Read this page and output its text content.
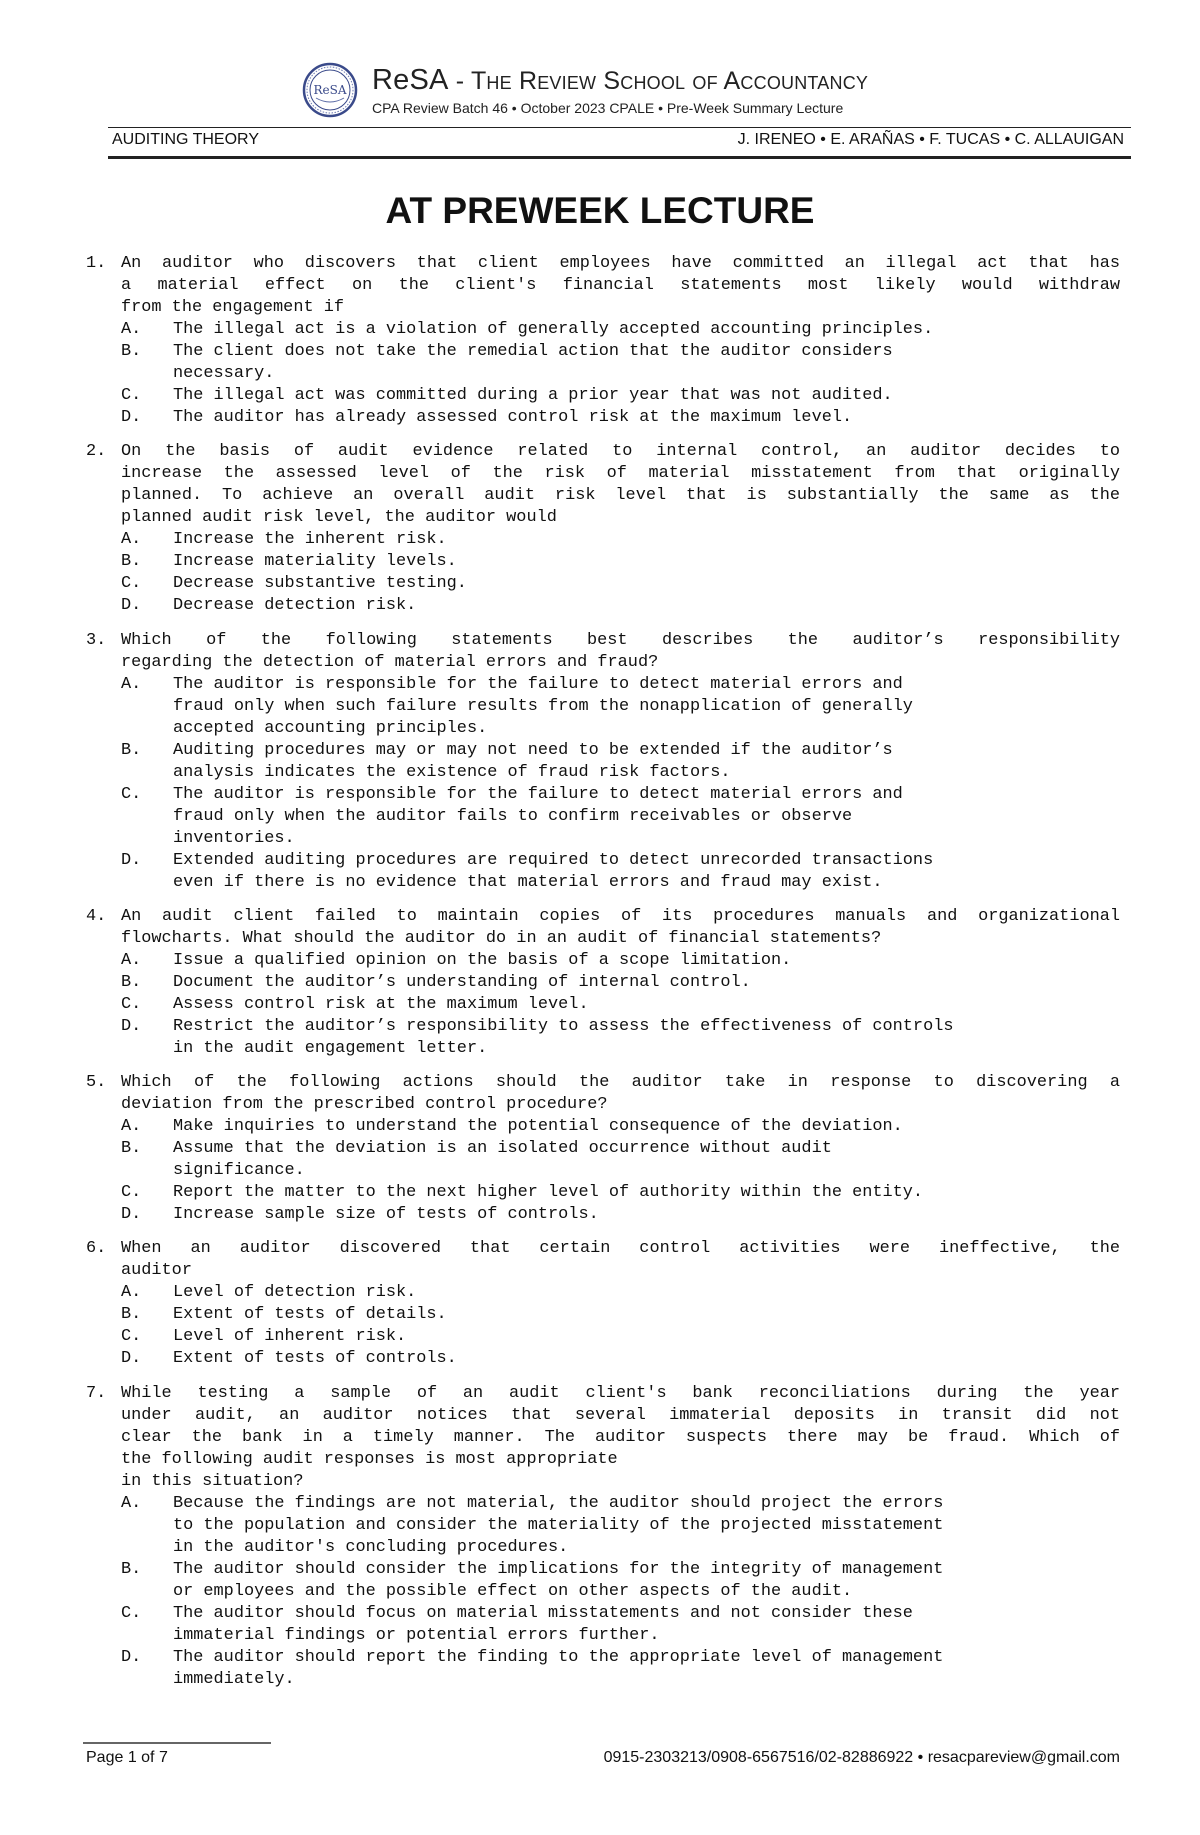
ReSA ReSA - The Review School of Accountancy
CPA Review Batch 46 • October 2023 CPALE • Pre-Week Summary Lecture
AUDITING THEORY	J. IRENEO • E. ARAÑAS • F. TUCAS • C. ALLAUIGAN
AT PREWEEK LECTURE
1. An auditor who discovers that client employees have committed an illegal act that has
a material effect on the client's financial statements most likely would withdraw
from the engagement if
A. The illegal act is a violation of generally accepted accounting principles.
B. The client does not take the remedial action that the auditor considers
necessary.
C. The illegal act was committed during a prior year that was not audited.
D. The auditor has already assessed control risk at the maximum level.
2. On the basis of audit evidence related to internal control, an auditor decides to
increase the assessed level of the risk of material misstatement from that originally
planned. To achieve an overall audit risk level that is substantially the same as the
planned audit risk level, the auditor would
A. Increase the inherent risk.
B. Increase materiality levels.
C. Decrease substantive testing.
D. Decrease detection risk.
3. Which of the following statements best describes the auditor’s responsibility
regarding the detection of material errors and fraud?
A. The auditor is responsible for the failure to detect material errors and
fraud only when such failure results from the nonapplication of generally
accepted accounting principles.
B. Auditing procedures may or may not need to be extended if the auditor’s
analysis indicates the existence of fraud risk factors.
C. The auditor is responsible for the failure to detect material errors and
fraud only when the auditor fails to confirm receivables or observe
inventories.
D. Extended auditing procedures are required to detect unrecorded transactions
even if there is no evidence that material errors and fraud may exist.
4. An audit client failed to maintain copies of its procedures manuals and organizational
flowcharts. What should the auditor do in an audit of financial statements?
A. Issue a qualified opinion on the basis of a scope limitation.
B. Document the auditor’s understanding of internal control.
C. Assess control risk at the maximum level.
D. Restrict the auditor’s responsibility to assess the effectiveness of controls
in the audit engagement letter.
5. Which of the following actions should the auditor take in response to discovering a
deviation from the prescribed control procedure?
A. Make inquiries to understand the potential consequence of the deviation.
B. Assume that the deviation is an isolated occurrence without audit
significance.
C. Report the matter to the next higher level of authority within the entity.
D. Increase sample size of tests of controls.
6. When an auditor discovered that certain control activities were ineffective, the
auditor
A. Level of detection risk.
B. Extent of tests of details.
C. Level of inherent risk.
D. Extent of tests of controls.
7. While testing a sample of an audit client's bank reconciliations during the year
under audit, an auditor notices that several immaterial deposits in transit did not
clear the bank in a timely manner. The auditor suspects there may be fraud. Which of
the following audit responses is most appropriate
in this situation?
A. Because the findings are not material, the auditor should project the errors
to the population and consider the materiality of the projected misstatement
in the auditor's concluding procedures.
B. The auditor should consider the implications for the integrity of management
or employees and the possible effect on other aspects of the audit.
C. The auditor should focus on material misstatements and not consider these
immaterial findings or potential errors further.
D. The auditor should report the finding to the appropriate level of management
immediately.
Page 1 of 7	0915-2303213/0908-6567516/02-82886922 • resacpareview@gmail.com
